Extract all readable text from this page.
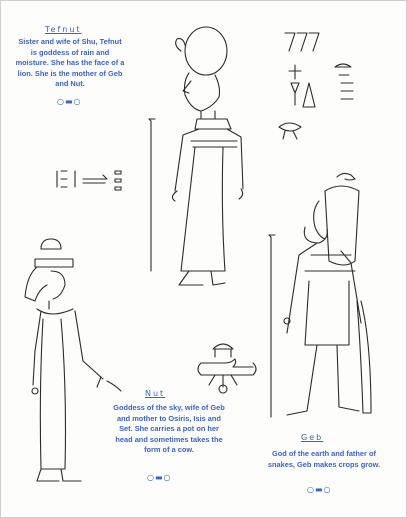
Tefnut
Sister and wife of Shu, Tefnut is goddess of rain and moisture. She has the face of a lion. She is the mother of Geb and Nut.
○▬○
Nut
Goddess of the sky, wife of Geb and mother to Osiris, Isis and Set. She carries a pot on her head and sometimes takes the form of a cow.
○▬○
Geb
God of the earth and father of snakes, Geb makes crops grow.
○▬○
